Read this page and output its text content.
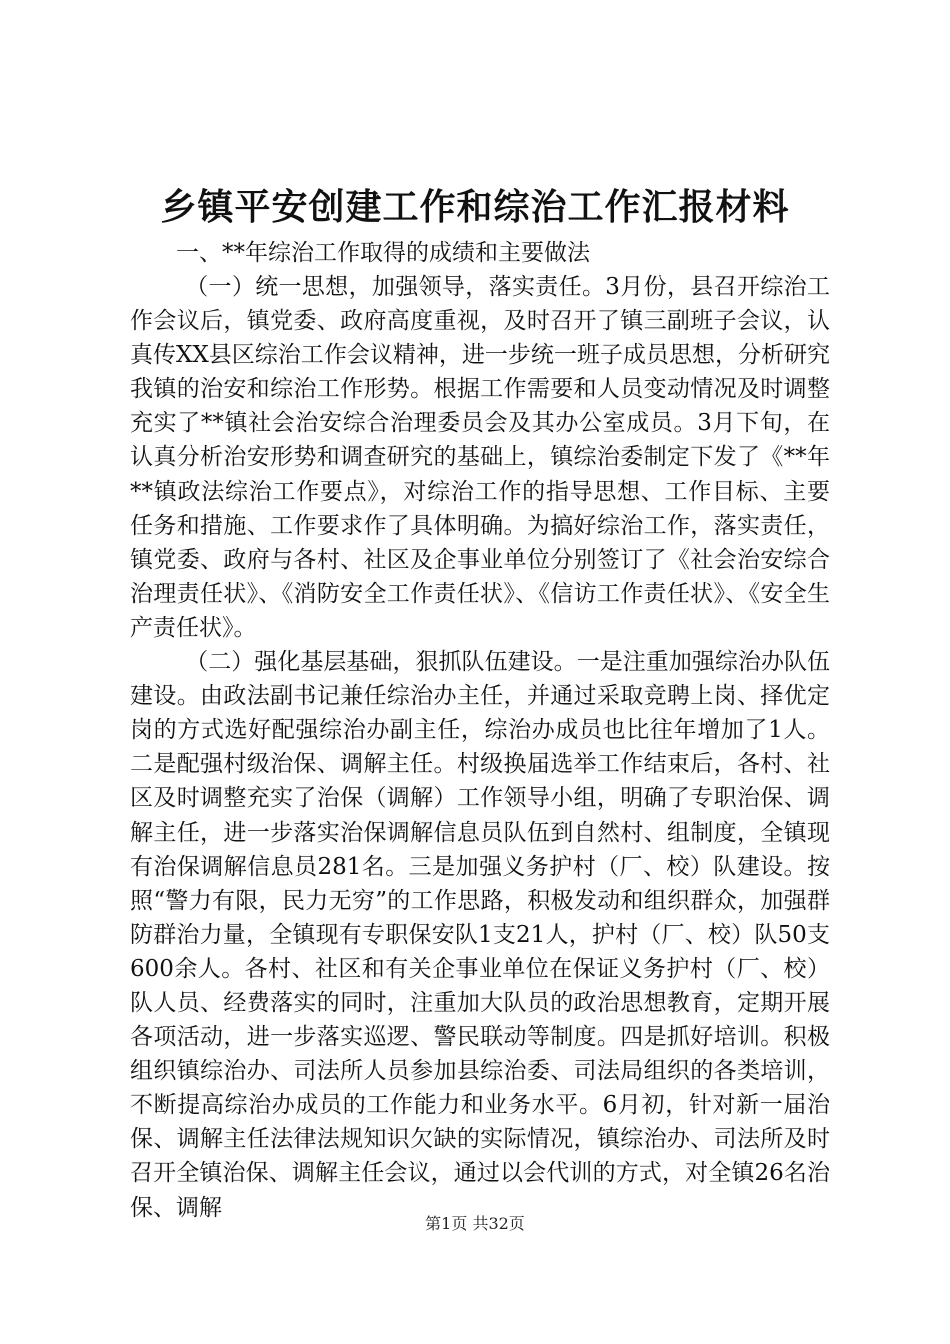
乡镇平安创建工作和综治工作汇报材料

一、**年综治工作取得的成绩和主要做法

（一）统一思想，加强领导，落实责任。3月份，县召开综治工作会议后，镇党委、政府高度重视，及时召开了镇三副班子会议，认真传XX县区综治工作会议精神，进一步统一班子成员思想，分析研究我镇的治安和综治工作形势。根据工作需要和人员变动情况及时调整充实了**镇社会治安综合治理委员会及其办公室成员。3月下旬，在认真分析治安形势和调查研究的基础上，镇综治委制定下发了《**年**镇政法综治工作要点》，对综治工作的指导思想、工作目标、主要任务和措施、工作要求作了具体明确。为搞好综治工作，落实责任，镇党委、政府与各村、社区及企事业单位分别签订了《社会治安综合治理责任状》、《消防安全工作责任状》、《信访工作责任状》、《安全生产责任状》。

（二）强化基层基础，狠抓队伍建设。一是注重加强综治办队伍建设。由政法副书记兼任综治办主任，并通过采取竞聘上岗、择优定岗的方式选好配强综治办副主任，综治办成员也比往年增加了1人。二是配强村级治保、调解主任。村级换届选举工作结束后，各村、社区及时调整充实了治保（调解）工作领导小组，明确了专职治保、调解主任，进一步落实治保调解信息员队伍到自然村、组制度，全镇现有治保调解信息员281名。三是加强义务护村（厂、校）队建设。按照“警力有限，民力无穷”的工作思路，积极发动和组织群众，加强群防群治力量，全镇现有专职保安队1支21人，护村（厂、校）队50支600余人。各村、社区和有关企事业单位在保证义务护村（厂、校）队人员、经费落实的同时，注重加大队员的政治思想教育，定期开展各项活动，进一步落实巡逻、警民联动等制度。四是抓好培训。积极组织镇综治办、司法所人员参加县综治委、司法局组织的各类培训，不断提高综治办成员的工作能力和业务水平。6月初，针对新一届治保、调解主任法律法规知识欠缺的实际情况，镇综治办、司法所及时召开全镇治保、调解主任会议，通过以会代训的方式，对全镇26名治保、调解

第1页 共32页
